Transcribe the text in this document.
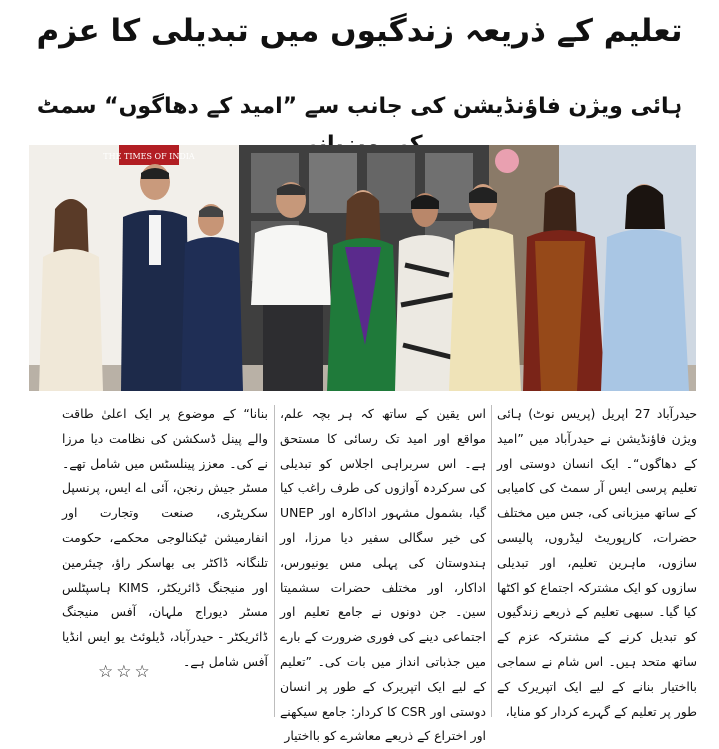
تعلیم کے ذریعہ زندگیوں میں تبدیلی کا عزم
ہائی ویژن فاؤنڈیشن کی جانب سے ”امید کے دھاگوں“ سمٹ
THE TIMES OF INDIA

حیدرآباد 27 اپریل (پریس نوٹ) ہائی ویژن فاؤنڈیشن نے حیدرآباد میں ”امید کے دھاگوں“۔ ایک انسان دوستی اور تعلیم پرسی ایس آر سمٹ کی کامیابی کے ساتھ میزبانی کی، جس میں مختلف حضرات، کارپوریٹ لیڈروں، پالیسی سازوں، ماہرین تعلیم، اور تبدیلی سازوں کو ایک مشترکہ اجتماع کو اکٹھا کیا گیا۔ سبھی تعلیم کے ذریعے زندگیوں کو تبدیل کرنے کے مشترکہ عزم کے ساتھ متحد ہیں۔ اس شام نے سماجی بااختیار بنانے کے لیے ایک اتپریرک کے طور پر تعلیم کے گہرے کردار کو منایا،

اس یقین کے ساتھ کہ ہر بچہ علم، مواقع اور امید تک رسائی کا مستحق ہے۔ اس سربراہی اجلاس کو تبدیلی کی سرکردہ آوازوں کی طرف راغب کیا گیا، بشمول مشہور اداکارہ اور UNEP کی خیر سگالی سفیر دیا مرزا، اور ہندوستان کی پہلی مس یونیورس، اداکار، اور مختلف حضرات سشمیتا سین۔ جن دونوں نے جامع تعلیم اور اجتماعی دینے کی فوری ضرورت کے بارے میں جذباتی انداز میں بات کی۔ ”تعلیم کے لیے ایک اتپریرک کے طور پر انسان دوستی اور CSR کا کردار: جامع سیکھنے اور اختراع کے ذریعے معاشرے کو بااختیار

بنانا“ کے موضوع پر ایک اعلیٰ طاقت والے پینل ڈسکشن کی نظامت دیا مرزا نے کی۔ معزز پینلسٹس میں شامل تھے۔ مسٹر جیش رنجن، آئی اے ایس، پرنسپل سکریٹری، صنعت وتجارت اور انفارمیشن ٹیکنالوجی محکمے، حکومت تلنگانہ ڈاکٹر بی بھاسکر راؤ، چیئرمین اور منیجنگ ڈائریکٹر، KIMS ہاسپٹلس مسٹر دیوراج ملہان، آفس منیجنگ ڈائریکٹر - حیدرآباد، ڈیلوئٹ یو ایس انڈیا آفس شامل ہے۔

☆☆☆
